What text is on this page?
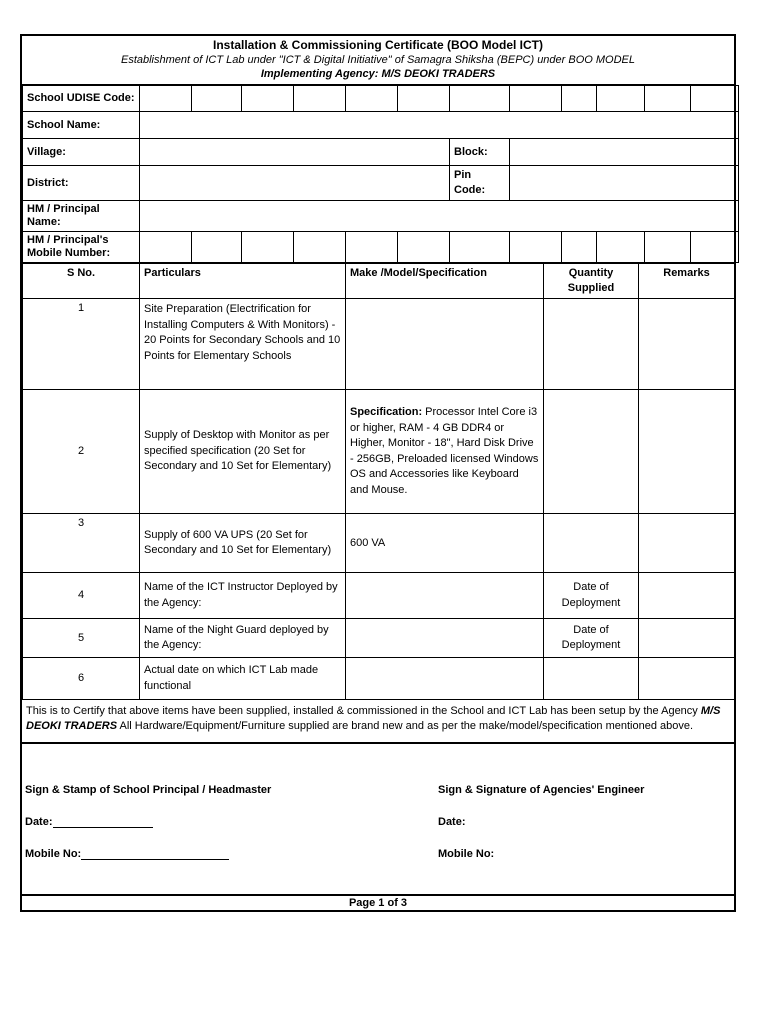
Installation & Commissioning Certificate (BOO Model ICT)
Establishment of ICT Lab under "ICT & Digital Initiative" of Samagra Shiksha (BEPC) under BOO MODEL
Implementing Agency: M/S DEOKI TRADERS
School UDISE Code:												
School Name:												
Village:							Block:					
District:							Pin Code:					
HM / Principal Name:												
HM / Principal's Mobile Number:												
S No.	Particulars	Make /Model/Specification	Quantity Supplied	Remarks
1	Site Preparation (Electrification for Installing Computers & With Monitors) - 20 Points for Secondary Schools and 10 Points for Elementary Schools			
2	Supply of Desktop with Monitor as per specified specification (20 Set for Secondary and 10 Set for Elementary)	Specification: Processor Intel Core i3 or higher, RAM - 4 GB DDR4 or Higher, Monitor - 18", Hard Disk Drive - 256GB, Preloaded licensed Windows OS and Accessories like Keyboard and Mouse.		
3	Supply of 600 VA UPS (20 Set for Secondary and 10 Set for Elementary)	600 VA		
4	Name of the ICT Instructor Deployed by the Agency:		Date of Deployment	
5	Name of the Night Guard deployed by the Agency:		Date of Deployment	
6	Actual date on which ICT Lab made functional			
This is to Certify that above items have been supplied, installed & commissioned in the School and ICT Lab has been setup by the Agency M/S DEOKI TRADERS All Hardware/Equipment/Furniture supplied are brand new and as per the make/model/specification mentioned above.
Sign & Stamp of School Principal / Headmaster
Date:
Mobile No:
Sign & Signature of Agencies' Engineer
Date:
Mobile No:
Page 1 of 3
